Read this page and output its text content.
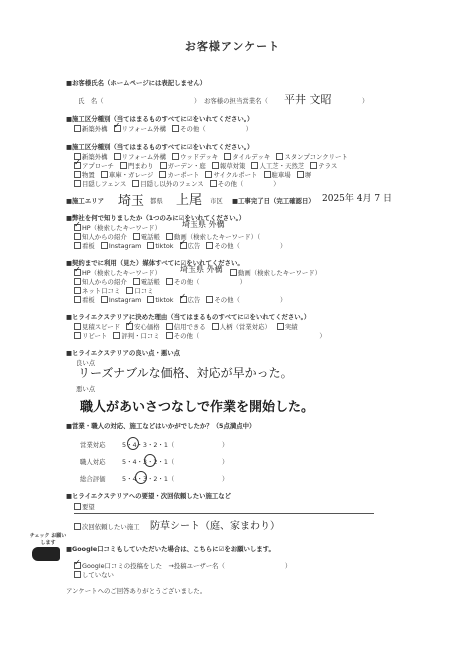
お客様アンケート
■お客様氏名（ホームページには表記しません）
氏　名（	） お客様の担当営業名（ 平井 文昭	）
■施工区分種別（当てはまるものすべてに☑をいれてください。）
新築外構 ✓ リフォーム外構 その他（	）
■施工区分種別（当てはまるものすべてに☑をいれてください。）
新築外構 リフォーム外構 ウッドデッキ タイルデッキ スタンプコンクリート
✓アプローチ 門まわり ガーデン・庭 報草対策 人工芝・天然芝 テラス
物置 車庫・ガレージ カーポート サイクルポート 駐車場 塀
目隠しフェンス 目隠し以外のフェンス その他（	）
■施工エリア 埼玉 都県 上尾 市区 ■工事完了日（完工確認日） 2025年 4月 7 日
■弊社を何で知りましたか（1つのみに☑をいれてください。）
✓HP（検索したキーワード）	埼玉県 外構
知人からの紹介 電話帳 動画（検索したキーワード）（
看板 Instagram tiktok ✓ 広告 その他（	）
■契約までに利用（見た）媒体すべてに☑をいれてください。
✓HP（検索したキーワード） 埼玉県 外構	動画（検索したキーワード）
知人からの紹介 電話帳 その他（	）
ネット口コミ 口コミ
看板 Instagram tiktok ✓ 広告 その他（	）
■ヒライエクステリアに決めた理由（当てはまるものすべてに☑をいれてください。）
見積スピード ✓ 安心価格 信用できる 人柄（営業対応） 実績
リピート 評判・口コミ その他（	）
■ヒライエクステリアの良い点・悪い点
良い点
リーズナブルな価格、対応が早かった。
悪い点
職人があいさつなしで作業を開始した。
■営業・職人の対応、施工などはいかがでしたか？（5点満点中）
営業対応	5・4・3・2・1（	）
職人対応	5・4・3・2・1（	）
総合評価	5・4・3・2・1（	）
■ヒライエクステリアへの要望・次回依頼したい施工など
要望
次回依頼したい施工 防草シート（庭、家まわり）
チェック お願いします
■Google口コミもしていただいた場合は、こちらに☑をお願いします。
✓Google口コミの投稿をした　→投稿ユーザー名（	）
していない
アンケートへのご回答ありがとうございました。
